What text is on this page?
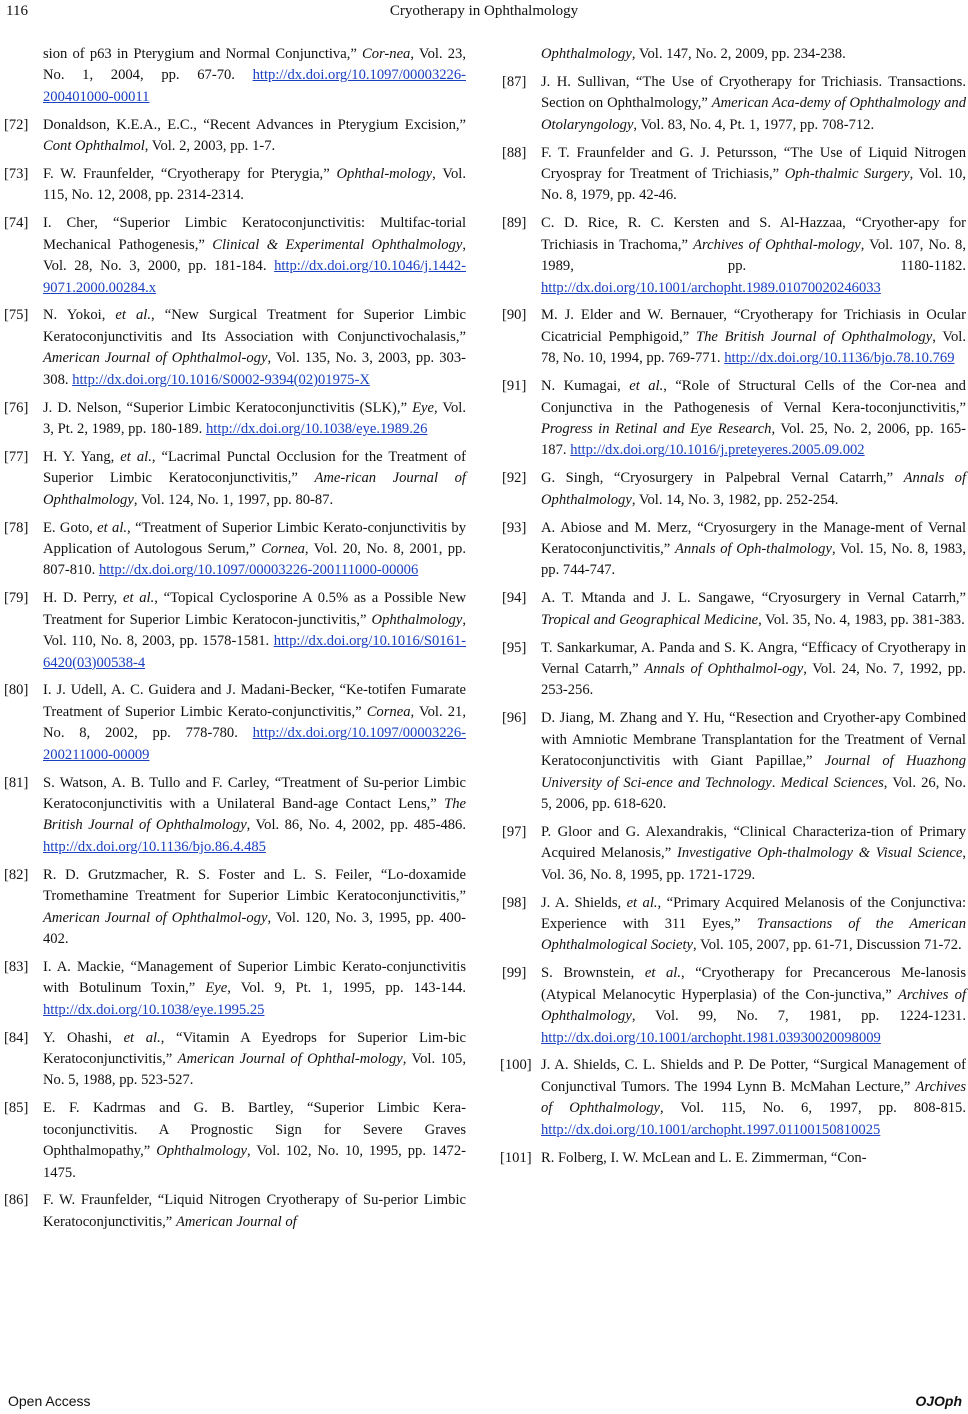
116	Cryotherapy in Ophthalmology
sion of p63 in Pterygium and Normal Conjunctiva,” Cor-nea, Vol. 23, No. 1, 2004, pp. 67-70. http://dx.doi.org/10.1097/00003226-200401000-00011
[72] Donaldson, K.E.A., E.C., “Recent Advances in Pterygium Excision,” Cont Ophthalmol, Vol. 2, 2003, pp. 1-7.
[73] F. W. Fraunfelder, “Cryotherapy for Pterygia,” Ophthal-mology, Vol. 115, No. 12, 2008, pp. 2314-2314.
[74] I. Cher, “Superior Limbic Keratoconjunctivitis: Multifac-torial Mechanical Pathogenesis,” Clinical & Experimental Ophthalmology, Vol. 28, No. 3, 2000, pp. 181-184. http://dx.doi.org/10.1046/j.1442-9071.2000.00284.x
[75] N. Yokoi, et al., “New Surgical Treatment for Superior Limbic Keratoconjunctivitis and Its Association with Conjunctivochalasis,” American Journal of Ophthalmol-ogy, Vol. 135, No. 3, 2003, pp. 303-308. http://dx.doi.org/10.1016/S0002-9394(02)01975-X
[76] J. D. Nelson, “Superior Limbic Keratoconjunctivitis (SLK),” Eye, Vol. 3, Pt. 2, 1989, pp. 180-189. http://dx.doi.org/10.1038/eye.1989.26
[77] H. Y. Yang, et al., “Lacrimal Punctal Occlusion for the Treatment of Superior Limbic Keratoconjunctivitis,” Ame-rican Journal of Ophthalmology, Vol. 124, No. 1, 1997, pp. 80-87.
[78] E. Goto, et al., “Treatment of Superior Limbic Kerato-conjunctivitis by Application of Autologous Serum,” Cornea, Vol. 20, No. 8, 2001, pp. 807-810. http://dx.doi.org/10.1097/00003226-200111000-00006
[79] H. D. Perry, et al., “Topical Cyclosporine A 0.5% as a Possible New Treatment for Superior Limbic Keratocon-junctivitis,” Ophthalmology, Vol. 110, No. 8, 2003, pp. 1578-1581. http://dx.doi.org/10.1016/S0161-6420(03)00538-4
[80] I. J. Udell, A. C. Guidera and J. Madani-Becker, “Ke-totifen Fumarate Treatment of Superior Limbic Kerato-conjunctivitis,” Cornea, Vol. 21, No. 8, 2002, pp. 778-780. http://dx.doi.org/10.1097/00003226-200211000-00009
[81] S. Watson, A. B. Tullo and F. Carley, “Treatment of Su-perior Limbic Keratoconjunctivitis with a Unilateral Band-age Contact Lens,” The British Journal of Ophthalmology, Vol. 86, No. 4, 2002, pp. 485-486. http://dx.doi.org/10.1136/bjo.86.4.485
[82] R. D. Grutzmacher, R. S. Foster and L. S. Feiler, “Lo-doxamide Tromethamine Treatment for Superior Limbic Keratoconjunctivitis,” American Journal of Ophthalmol-ogy, Vol. 120, No. 3, 1995, pp. 400-402.
[83] I. A. Mackie, “Management of Superior Limbic Kerato-conjunctivitis with Botulinum Toxin,” Eye, Vol. 9, Pt. 1, 1995, pp. 143-144. http://dx.doi.org/10.1038/eye.1995.25
[84] Y. Ohashi, et al., “Vitamin A Eyedrops for Superior Lim-bic Keratoconjunctivitis,” American Journal of Ophthal-mology, Vol. 105, No. 5, 1988, pp. 523-527.
[85] E. F. Kadrmas and G. B. Bartley, “Superior Limbic Kera-toconjunctivitis. A Prognostic Sign for Severe Graves Ophthalmopathy,” Ophthalmology, Vol. 102, No. 10, 1995, pp. 1472-1475.
[86] F. W. Fraunfelder, “Liquid Nitrogen Cryotherapy of Su-perior Limbic Keratoconjunctivitis,” American Journal of
Ophthalmology, Vol. 147, No. 2, 2009, pp. 234-238.
[87] J. H. Sullivan, “The Use of Cryotherapy for Trichiasis. Transactions. Section on Ophthalmology,” American Aca-demy of Ophthalmology and Otolaryngology, Vol. 83, No. 4, Pt. 1, 1977, pp. 708-712.
[88] F. T. Fraunfelder and G. J. Petursson, “The Use of Liquid Nitrogen Cryospray for Treatment of Trichiasis,” Oph-thalmic Surgery, Vol. 10, No. 8, 1979, pp. 42-46.
[89] C. D. Rice, R. C. Kersten and S. Al-Hazzaa, “Cryother-apy for Trichiasis in Trachoma,” Archives of Ophthal-mology, Vol. 107, No. 8, 1989, pp. 1180-1182. http://dx.doi.org/10.1001/archopht.1989.01070020246033
[90] M. J. Elder and W. Bernauer, “Cryotherapy for Trichiasis in Ocular Cicatricial Pemphigoid,” The British Journal of Ophthalmology, Vol. 78, No. 10, 1994, pp. 769-771. http://dx.doi.org/10.1136/bjo.78.10.769
[91] N. Kumagai, et al., “Role of Structural Cells of the Cor-nea and Conjunctiva in the Pathogenesis of Vernal Kera-toconjunctivitis,” Progress in Retinal and Eye Research, Vol. 25, No. 2, 2006, pp. 165-187. http://dx.doi.org/10.1016/j.preteyeres.2005.09.002
[92] G. Singh, “Cryosurgery in Palpebral Vernal Catarrh,” Annals of Ophthalmology, Vol. 14, No. 3, 1982, pp. 252-254.
[93] A. Abiose and M. Merz, “Cryosurgery in the Manage-ment of Vernal Keratoconjunctivitis,” Annals of Oph-thalmology, Vol. 15, No. 8, 1983, pp. 744-747.
[94] A. T. Mtanda and J. L. Sangawe, “Cryosurgery in Vernal Catarrh,” Tropical and Geographical Medicine, Vol. 35, No. 4, 1983, pp. 381-383.
[95] T. Sankarkumar, A. Panda and S. K. Angra, “Efficacy of Cryotherapy in Vernal Catarrh,” Annals of Ophthalmol-ogy, Vol. 24, No. 7, 1992, pp. 253-256.
[96] D. Jiang, M. Zhang and Y. Hu, “Resection and Cryother-apy Combined with Amniotic Membrane Transplantation for the Treatment of Vernal Keratoconjunctivitis with Giant Papillae,” Journal of Huazhong University of Sci-ence and Technology. Medical Sciences, Vol. 26, No. 5, 2006, pp. 618-620.
[97] P. Gloor and G. Alexandrakis, “Clinical Characteriza-tion of Primary Acquired Melanosis,” Investigative Oph-thalmology & Visual Science, Vol. 36, No. 8, 1995, pp. 1721-1729.
[98] J. A. Shields, et al., “Primary Acquired Melanosis of the Conjunctiva: Experience with 311 Eyes,” Transactions of the American Ophthalmological Society, Vol. 105, 2007, pp. 61-71, Discussion 71-72.
[99] S. Brownstein, et al., “Cryotherapy for Precancerous Me-lanosis (Atypical Melanocytic Hyperplasia) of the Con-junctiva,” Archives of Ophthalmology, Vol. 99, No. 7, 1981, pp. 1224-1231. http://dx.doi.org/10.1001/archopht.1981.03930020098009
[100] J. A. Shields, C. L. Shields and P. De Potter, “Surgical Management of Conjunctival Tumors. The 1994 Lynn B. McMahan Lecture,” Archives of Ophthalmology, Vol. 115, No. 6, 1997, pp. 808-815. http://dx.doi.org/10.1001/archopht.1997.01100150810025
[101] R. Folberg, I. W. McLean and L. E. Zimmerman, “Con-
Open Access	OJOph
